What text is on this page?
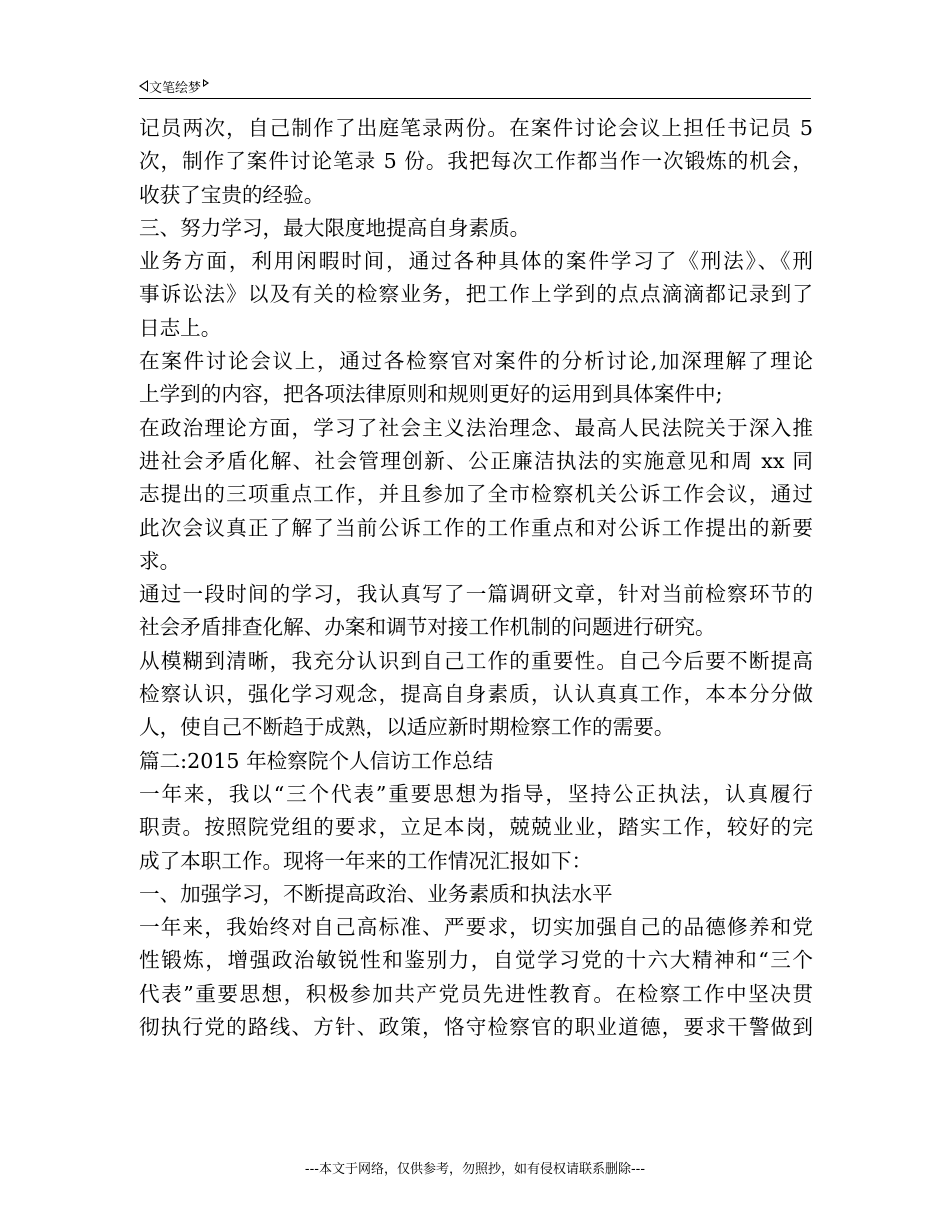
文笔绘梦
记员两次，自己制作了出庭笔录两份。在案件讨论会议上担任书记员 5
次，制作了案件讨论笔录 5 份。我把每次工作都当作一次锻炼的机会，
收获了宝贵的经验。
三、努力学习，最大限度地提高自身素质。
业务方面，利用闲暇时间，通过各种具体的案件学习了《刑法》、《刑
事诉讼法》以及有关的检察业务，把工作上学到的点点滴滴都记录到了
日志上。
在案件讨论会议上，通过各检察官对案件的分析讨论,加深理解了理论
上学到的内容，把各项法律原则和规则更好的运用到具体案件中;
在政治理论方面，学习了社会主义法治理念、最高人民法院关于深入推
进社会矛盾化解、社会管理创新、公正廉洁执法的实施意见和周 xx 同
志提出的三项重点工作，并且参加了全市检察机关公诉工作会议，通过
此次会议真正了解了当前公诉工作的工作重点和对公诉工作提出的新要
求。
通过一段时间的学习，我认真写了一篇调研文章，针对当前检察环节的
社会矛盾排查化解、办案和调节对接工作机制的问题进行研究。
从模糊到清晰，我充分认识到自己工作的重要性。自己今后要不断提高
检察认识，强化学习观念，提高自身素质，认认真真工作，本本分分做
人，使自己不断趋于成熟，以适应新时期检察工作的需要。
篇二:2015 年检察院个人信访工作总结
一年来，我以“三个代表”重要思想为指导，坚持公正执法，认真履行
职责。按照院党组的要求，立足本岗，兢兢业业，踏实工作，较好的完
成了本职工作。现将一年来的工作情况汇报如下：
一、加强学习，不断提高政治、业务素质和执法水平
一年来，我始终对自己高标准、严要求，切实加强自己的品德修养和党
性锻炼，增强政治敏锐性和鉴别力，自觉学习党的十六大精神和“三个
代表”重要思想，积极参加共产党员先进性教育。在检察工作中坚决贯
彻执行党的路线、方针、政策，恪守检察官的职业道德，要求干警做到
---本文于网络，仅供参考，勿照抄，如有侵权请联系删除---
